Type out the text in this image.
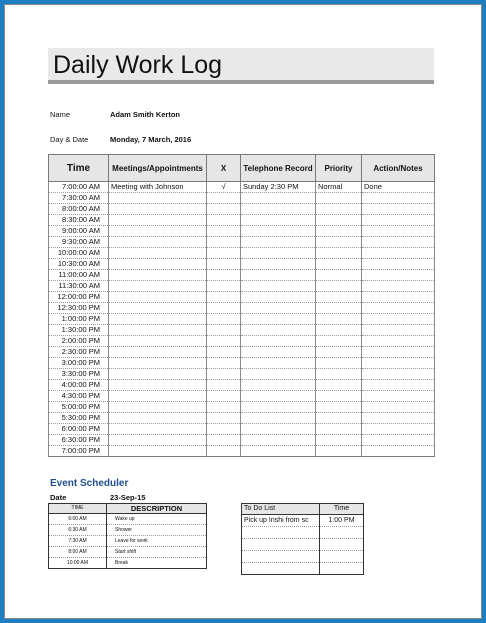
Daily Work Log
Name	Adam Smith Kerton
Day & Date	Monday, 7 March, 2016
Time	Meetings/Appointments	X	Telephone Record	Priority	Action/Notes
7:00:00 AM	Meeting with Johnson	√	Sunday 2:30 PM	Normal	Done
7:30:00 AM					
8:00:00 AM					
8:30:00 AM					
9:00:00 AM					
9:30:00 AM					
10:00:00 AM					
10:30:00 AM					
11:00:00 AM					
11:30:00 AM					
12:00:00 PM					
12:30:00 PM					
1:00:00 PM					
1:30:00 PM					
2:00:00 PM					
2:30:00 PM					
3:00:00 PM					
3:30:00 PM					
4:00:00 PM					
4:30:00 PM					
5:00:00 PM					
5:30:00 PM					
6:00:00 PM					
6:30:00 PM					
7:00:00 PM					
Event Scheduler
Date	23-Sep-15
TIME	DESCRIPTION
6:00 AM	Wake up
6:30 AM	Shower
7:30 AM	Leave for work
8:00 AM	Start shift
10:00 AM	Break
To Do List	Time
Pick up Inshi from sc	1:00 PM
